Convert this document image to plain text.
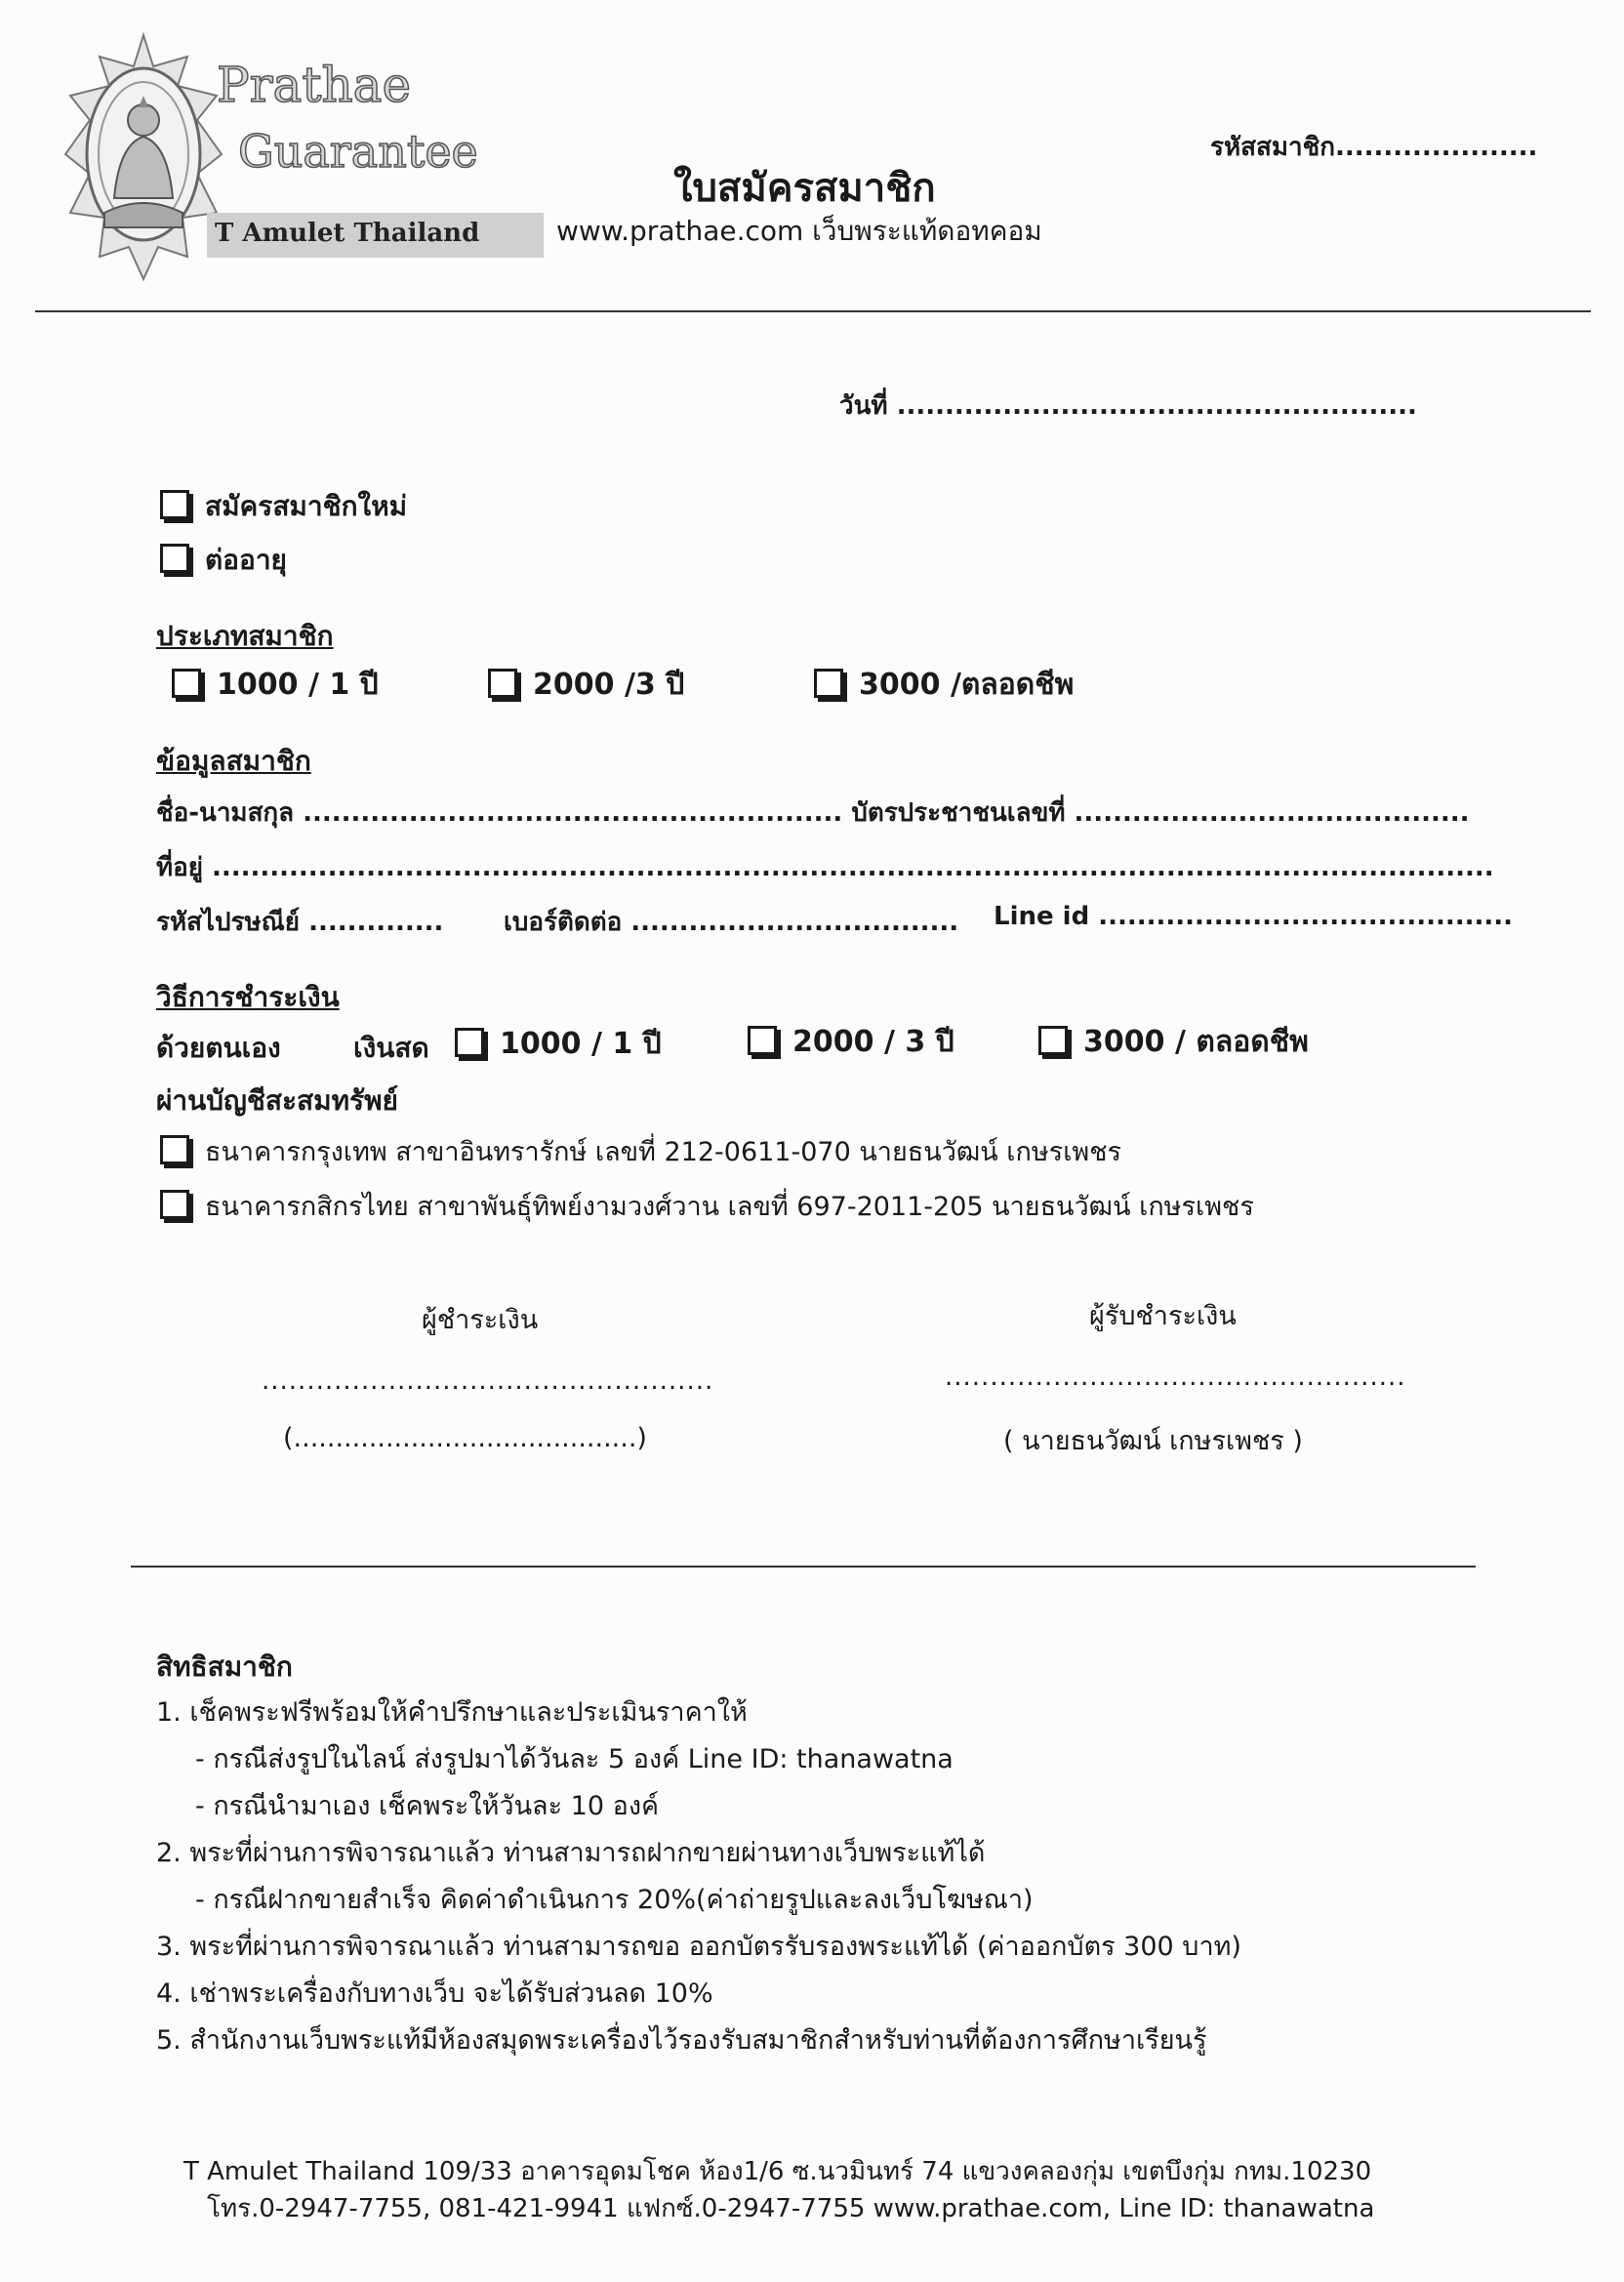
Prathae
Guarantee
T Amulet Thailand
ใบสมัครสมาชิก
www.prathae.com เว็บพระแท้ดอทคอม
รหัสสมาชิก.....................
วันที่ ......................................................
สมัครสมาชิกใหม่
ต่ออายุ
ประเภทสมาชิก
1000 / 1 ปี	2000 /3 ปี	3000 /ตลอดชีพ
ข้อมูลสมาชิก
ชื่อ-นามสกุล ........................................................ บัตรประชาชนเลขที่ .........................................
ที่อยู่ .....................................................................................................................................
รหัสไปรษณีย์ .............. เบอร์ติดต่อ .................................. Line id ...........................................
วิธีการชำระเงิน
ด้วยตนเอง	เงินสด	1000 / 1 ปี	2000 / 3 ปี	3000 / ตลอดชีพ
ผ่านบัญชีสะสมทรัพย์
ธนาคารกรุงเทพ สาขาอินทรารักษ์ เลขที่ 212-0611-070 นายธนวัฒน์ เกษรเพชร
ธนาคารกสิกรไทย สาขาพันธุ์ทิพย์งามวงศ์วาน เลขที่ 697-2011-205 นายธนวัฒน์ เกษรเพชร
ผู้ชำระเงิน
..................................................
(.........................................)
ผู้รับชำระเงิน
...................................................
( นายธนวัฒน์ เกษรเพชร )
สิทธิสมาชิก
1. เช็คพระฟรีพร้อมให้คำปรึกษาและประเมินราคาให้
- กรณีส่งรูปในไลน์ ส่งรูปมาได้วันละ 5 องค์ Line ID: thanawatna
- กรณีนำมาเอง เช็คพระให้วันละ 10 องค์
2. พระที่ผ่านการพิจารณาแล้ว ท่านสามารถฝากขายผ่านทางเว็บพระแท้ได้
- กรณีฝากขายสำเร็จ คิดค่าดำเนินการ 20%(ค่าถ่ายรูปและลงเว็บโฆษณา)
3. พระที่ผ่านการพิจารณาแล้ว ท่านสามารถขอ ออกบัตรรับรองพระแท้ได้ (ค่าออกบัตร 300 บาท)
4. เช่าพระเครื่องกับทางเว็บ จะได้รับส่วนลด 10%
5. สำนักงานเว็บพระแท้มีห้องสมุดพระเครื่องไว้รองรับสมาชิกสำหรับท่านที่ต้องการศึกษาเรียนรู้
T Amulet Thailand 109/33 อาคารอุดมโชค ห้อง1/6 ซ.นวมินทร์ 74 แขวงคลองกุ่ม เขตบึงกุ่ม กทม.10230
โทร.0-2947-7755, 081-421-9941 แฟกซ์.0-2947-7755 www.prathae.com, Line ID: thanawatna
